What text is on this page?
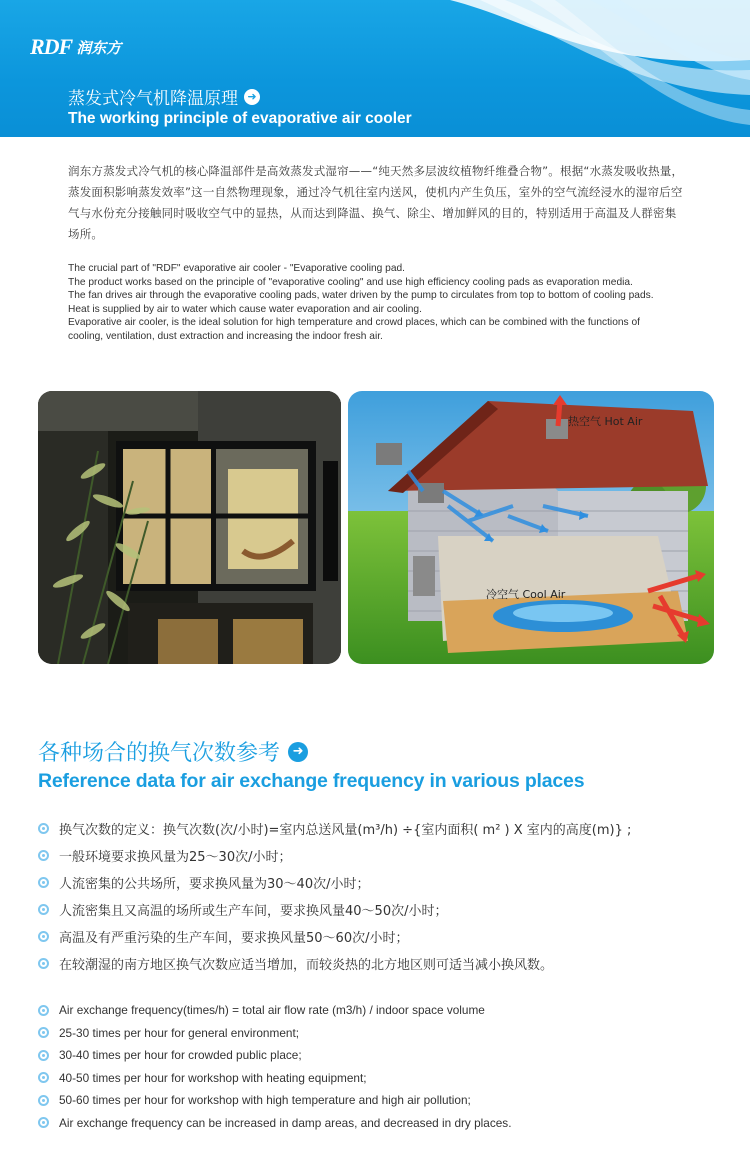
RDF 润东方
蒸发式冷气机降温原理 ➜
The working principle of evaporative air cooler
润东方蒸发式冷气机的核心降温部件是高效蒸发式湿帘——“纯天然多层波纹植物纤维叠合物”。根据“水蒸发吸收热量，蒸发面积影响蒸发效率”这一自然物理现象，通过冷气机往室内送风，使机内产生负压，室外的空气流经浸水的湿帘后空气与水份充分接触同时吸收空气中的显热，从而达到降温、换气、除尘、增加鲜风的目的，特别适用于高温及人群密集场所。

The crucial part of "RDF" evaporative air cooler - "Evaporative cooling pad.

The product works based on the principle of "evaporative cooling" and use high efficiency cooling pads as evaporation media.

The fan drives air through the evaporative cooling pads, water driven by the pump to circulates from top to bottom of cooling pads. Heat is supplied by air to water which cause water evaporation and air cooling.

Evaporative air cooler, is the ideal solution for high temperature and crowd places, which can be combined with the functions of cooling, ventilation, dust extraction and increasing the indoor fresh air.

热空气 Hot Air
冷空气 Cool Air
各种场合的换气次数参考 ➜
Reference data for air exchange frequency in various places
换气次数的定义：换气次数(次/小时)=室内总送风量(m³/h) ÷{室内面积( m² ) X 室内的高度(m)} ;
一般环境要求换风量为25～30次/小时；
人流密集的公共场所，要求换风量为30～40次/小时；
人流密集且又高温的场所或生产车间，要求换风量40～50次/小时；
高温及有严重污染的生产车间，要求换风量50～60次/小时；
在较潮湿的南方地区换气次数应适当增加，而较炎热的北方地区则可适当减小换风数。
Air exchange frequency(times/h) = total air flow rate (m3/h) / indoor space volume
25-30 times per hour for general environment;
30-40 times per hour for crowded public place;
40-50 times per hour for workshop with heating equipment;
50-60 times per hour for workshop with high temperature and high air pollution;
Air exchange frequency can be increased in damp areas, and decreased in dry places.
